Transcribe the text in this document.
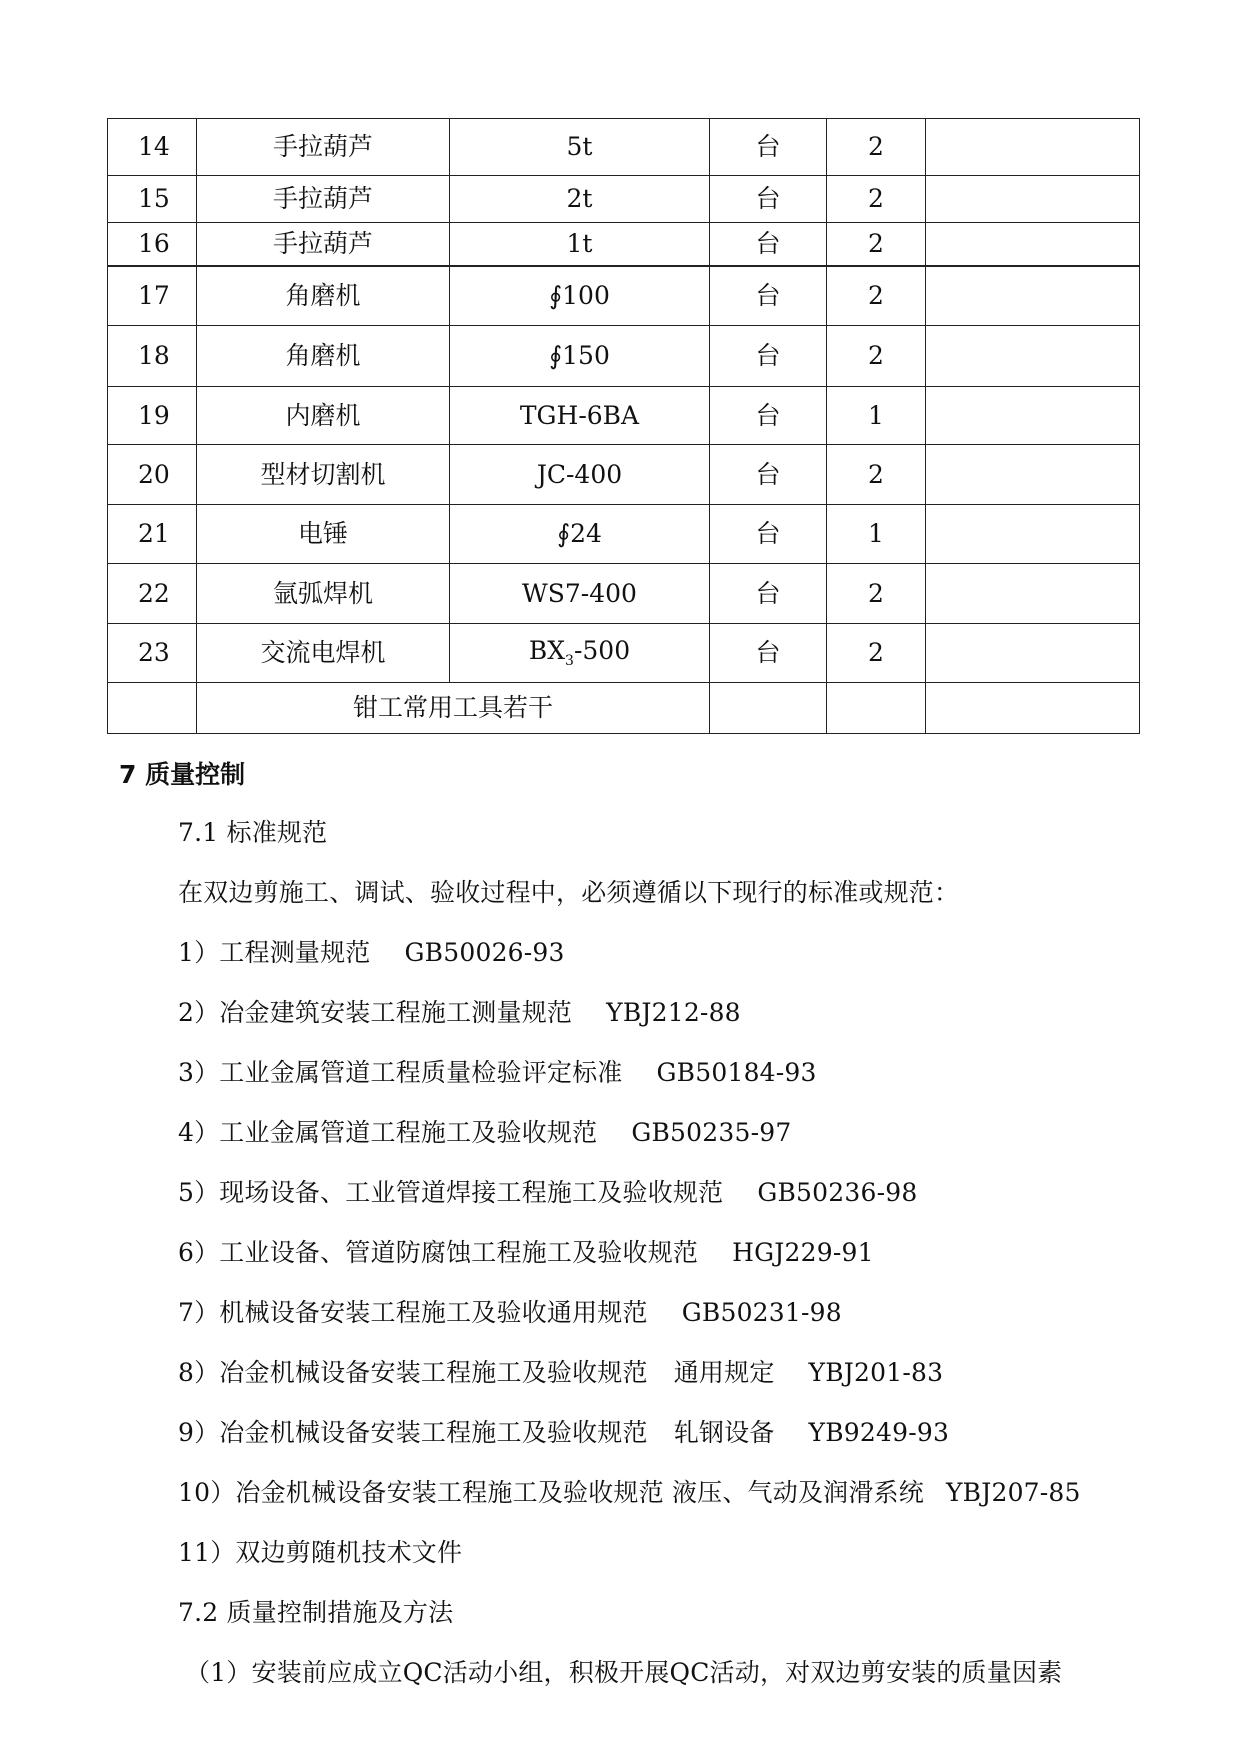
14	手拉葫芦	5t	台	2	
15	手拉葫芦	2t	台	2	
16	手拉葫芦	1t	台	2	
17	角磨机	∮100	台	2	
18	角磨机	∮150	台	2	
19	内磨机	TGH-6BA	台	1	
20	型材切割机	JC-400	台	2	
21	电锤	∮24	台	1	
22	氩弧焊机	WS7-400	台	2	
23	交流电焊机	$BX_3-500$	台	2	
	钳工常用工具若干				
7 质量控制
7.1 标准规范
在双边剪施工、调试、验收过程中，必须遵循以下现行的标准或规范：
1）工程测量规范 GB50026-93
2）冶金建筑安装工程施工测量规范 YBJ212-88
3）工业金属管道工程质量检验评定标准 GB50184-93
4）工业金属管道工程施工及验收规范 GB50235-97
5）现场设备、工业管道焊接工程施工及验收规范 GB50236-98
6）工业设备、管道防腐蚀工程施工及验收规范 HGJ229-91
7）机械设备安装工程施工及验收通用规范 GB50231-98
8）冶金机械设备安装工程施工及验收规范 通用规定 YBJ201-83
9）冶金机械设备安装工程施工及验收规范 轧钢设备 YB9249-93
10）冶金机械设备安装工程施工及验收规范 液压、气动及润滑系统 YBJ207-85
11）双边剪随机技术文件
7.2 质量控制措施及方法
（1）安装前应成立QC活动小组，积极开展QC活动，对双边剪安装的质量因素
